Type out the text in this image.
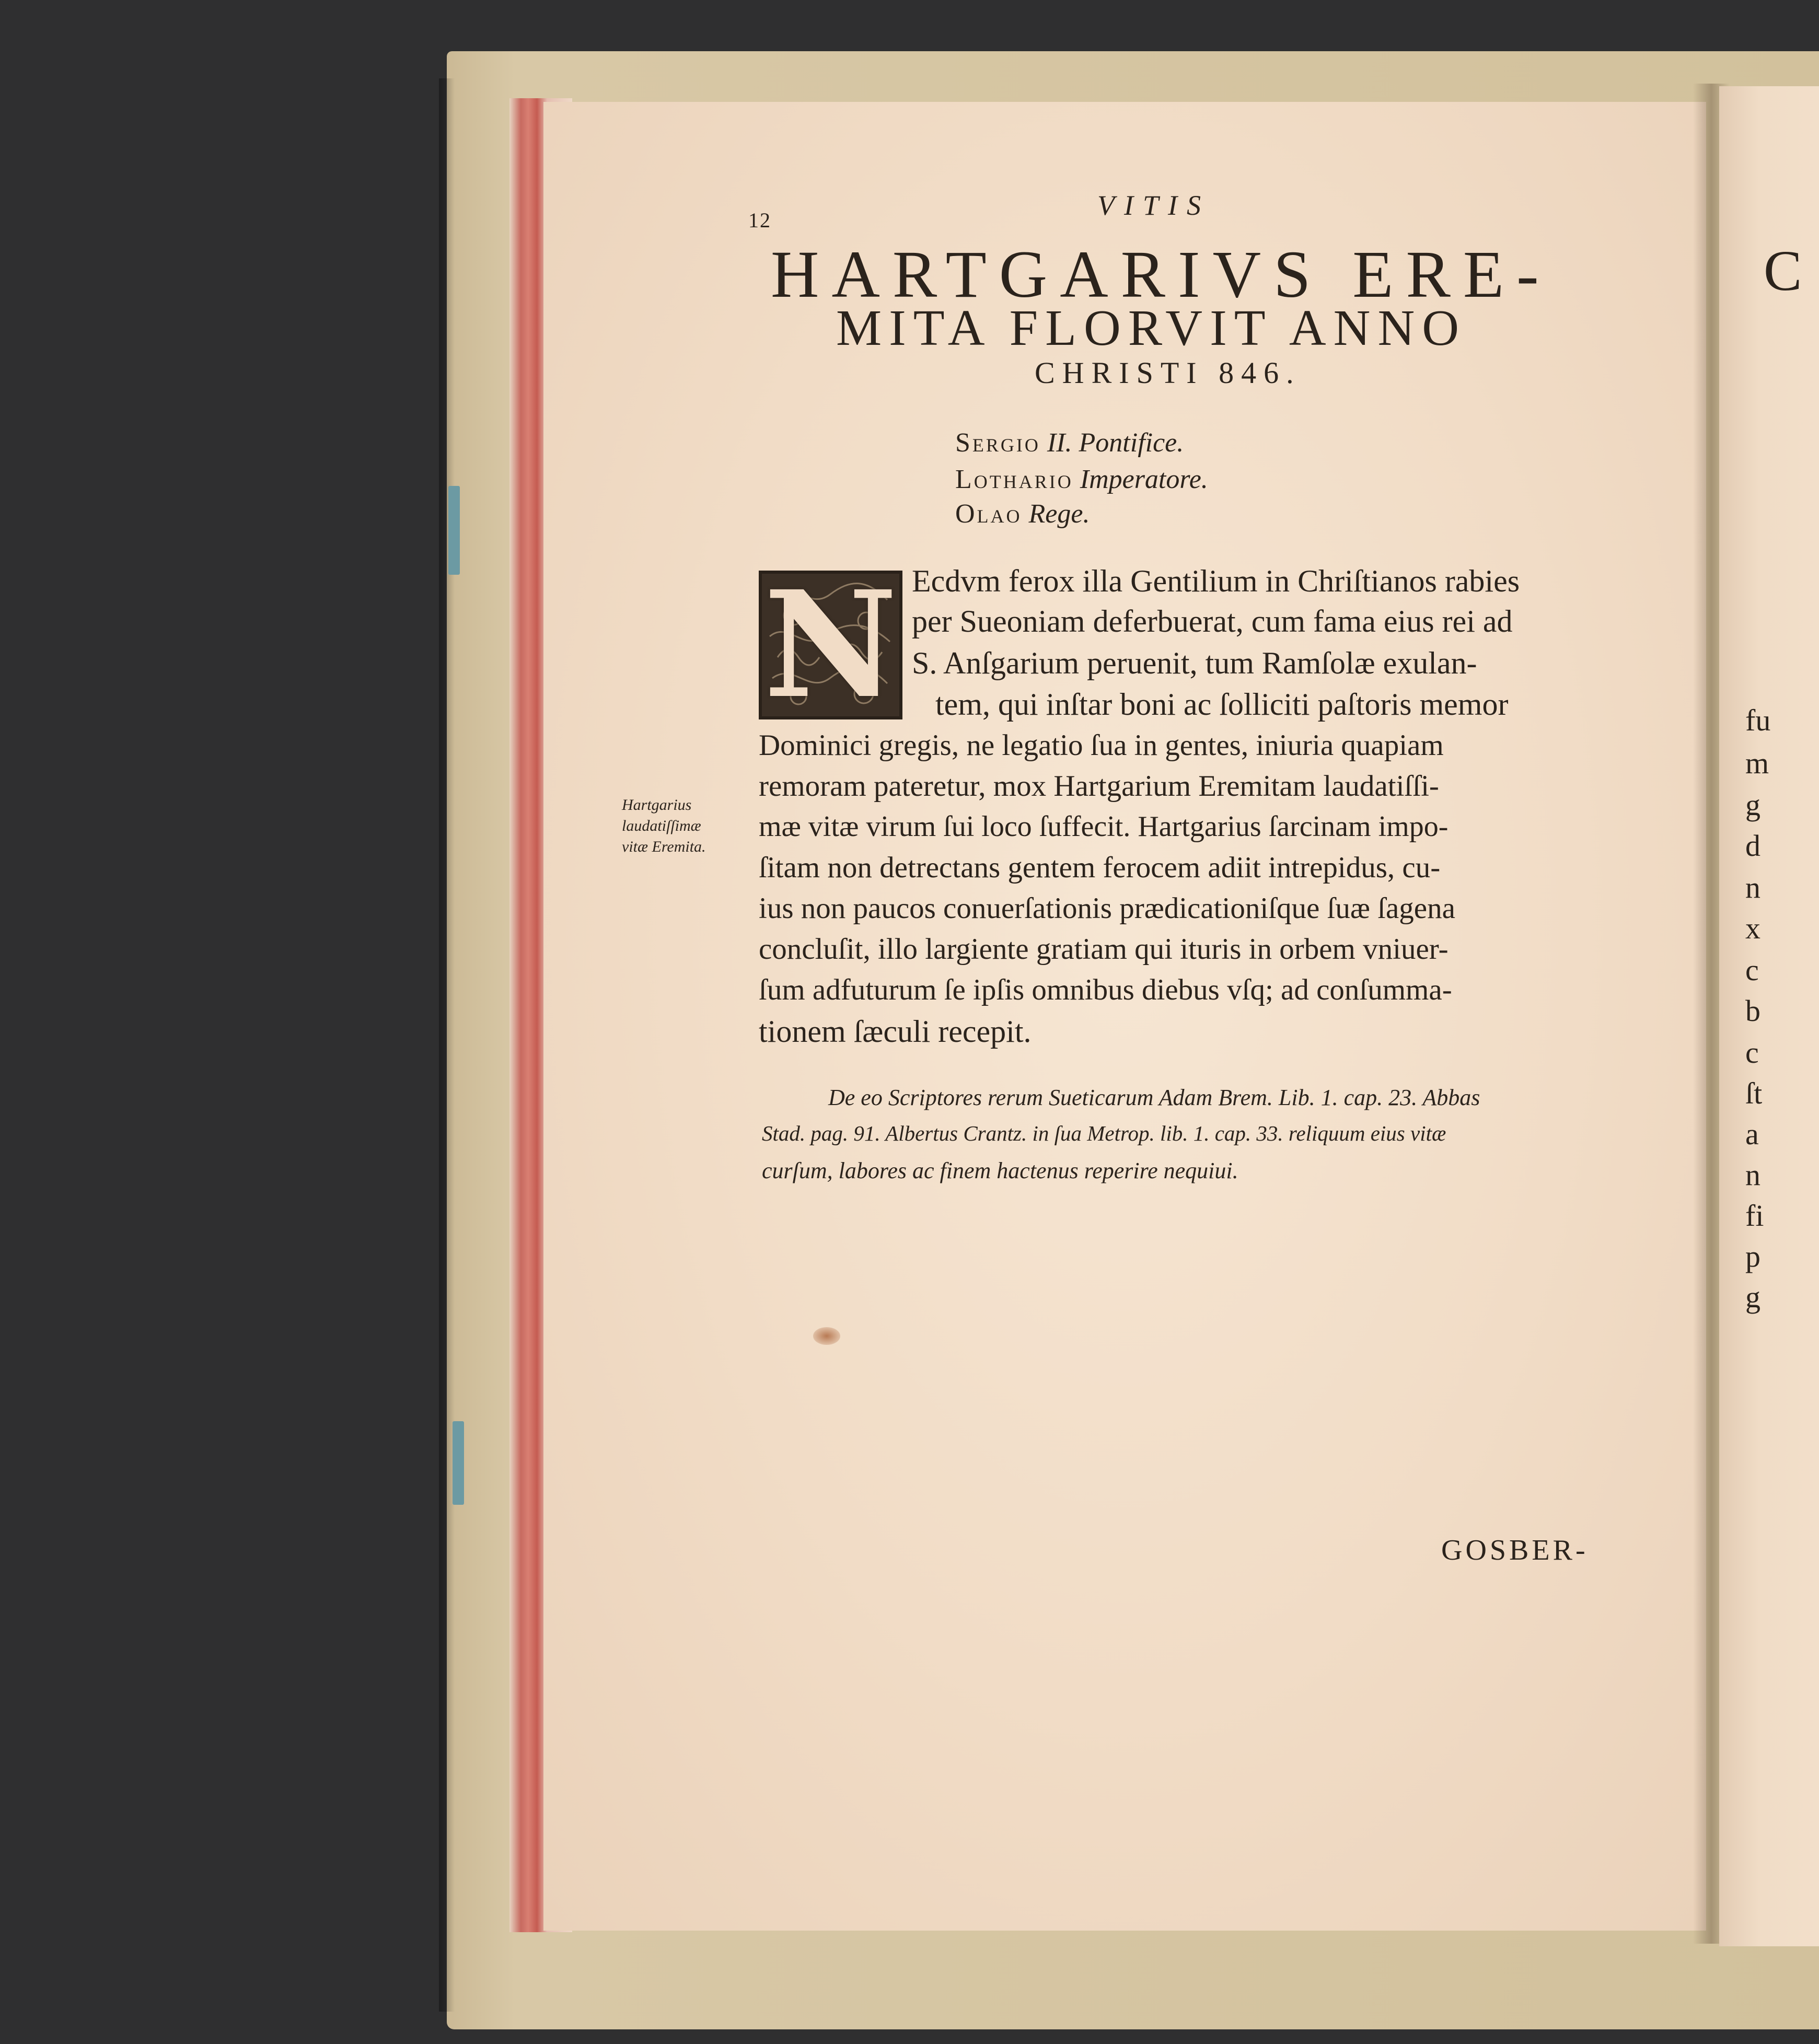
12	VITIS
HARTGARIVS ERE-
MITA FLORVIT ANNO
CHRISTI 846.
Sergio II. Pontifice.
Lothario Imperatore.
Olao Rege.
N Ecdvm ferox illa Gentilium in Chriſtianos rabies
per Sueoniam deferbuerat, cum fama eius rei ad
S. Anſgarium peruenit, tum Ramſolæ exulan-
tem, qui inſtar boni ac ſolliciti paſtoris memor
Dominici gregis, ne legatio ſua in gentes, iniuria quapiam
remoram pateretur, mox Hartgarium Eremitam laudatiſſi-
mæ vitæ virum ſui loco ſuffecit. Hartgarius ſarcinam impo-
ſitam non detrectans gentem ferocem adiit intrepidus, cu-
ius non paucos conuerſationis prædicationiſque ſuæ ſagena
concluſit, illo largiente gratiam qui ituris in orbem vniuer-
ſum adfuturum ſe ipſis omnibus diebus vſq; ad conſumma-
tionem ſæculi recepit.
Hartgarius
laudatiſſimæ
vitæ Eremita.
De eo Scriptores rerum Sueticarum Adam Brem. Lib. 1. cap. 23. Abbas
Stad. pag. 91. Albertus Crantz. in ſua Metrop. lib. 1. cap. 33. reliquum eius vitæ
curſum, labores ac finem hactenus reperire nequiui.
GOSBER-
C
fu
m
g
d
n
x
c
b
c
ſt
a
n
fi
p
g
